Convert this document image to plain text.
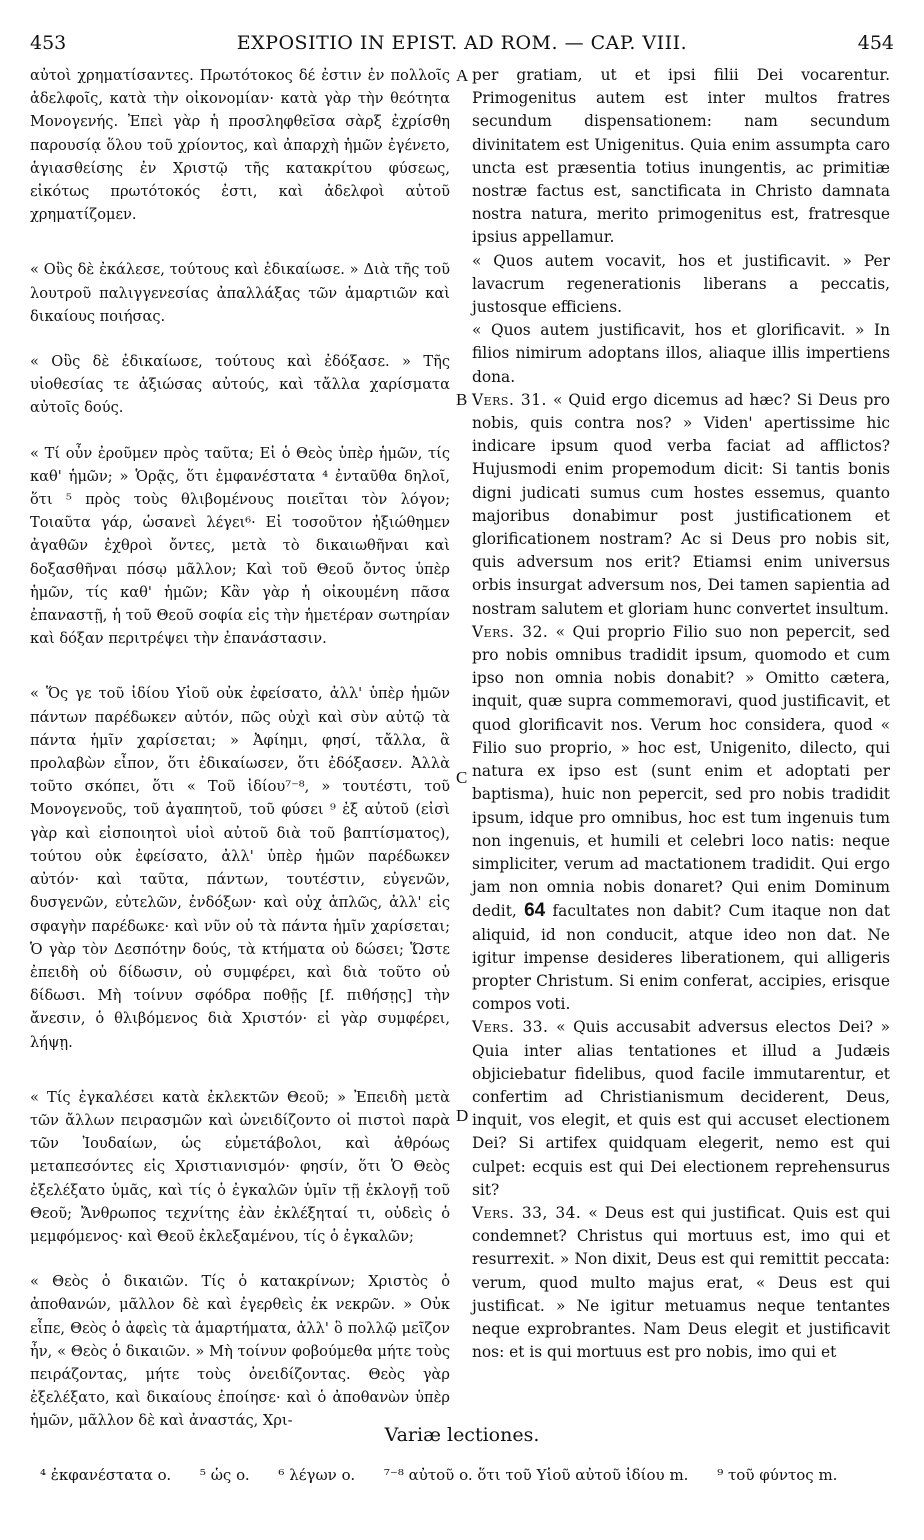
453	EXPOSITIO IN EPIST. AD ROM. — CAP. VIII.	454
A
B
C
D

αὐτοὶ χρηματίσαντες. Πρωτότοκος δέ ἐστιν ἐν πολλοῖς ἀδελφοῖς, κατὰ τὴν οἰκονομίαν· κατὰ γὰρ τὴν θεότητα Μονογενής. Ἐπεὶ γὰρ ἡ προσληφθεῖσα σὰρξ ἐχρίσθη παρουσίᾳ ὅλου τοῦ χρίοντος, καὶ ἀπαρχὴ ἡμῶν ἐγένετο, ἁγιασθείσης ἐν Χριστῷ τῆς κατακρίτου φύσεως, εἰκότως πρωτότοκός ἐστι, καὶ ἀδελφοὶ αὐτοῦ χρηματίζομεν.

« Οὓς δὲ ἐκάλεσε, τούτους καὶ ἐδικαίωσε. » Διὰ τῆς τοῦ λουτροῦ παλιγγενεσίας ἀπαλλάξας τῶν ἁμαρτιῶν καὶ δικαίους ποιήσας.

« Οὓς δὲ ἐδικαίωσε, τούτους καὶ ἐδόξασε. » Τῆς υἱοθεσίας τε ἀξιώσας αὐτούς, καὶ τἄλλα χαρίσματα αὐτοῖς δούς.

« Τί οὖν ἐροῦμεν πρὸς ταῦτα; Εἰ ὁ Θεὸς ὑπὲρ ἡμῶν, τίς καθ' ἡμῶν; » Ὁρᾷς, ὅτι ἐμφανέστατα ⁴ ἐνταῦθα δηλοῖ, ὅτι ⁵ πρὸς τοὺς θλιβομένους ποιεῖται τὸν λόγον; Τοιαῦτα γάρ, ὡσανεὶ λέγει⁶· Εἰ τοσοῦτον ἠξιώθημεν ἀγαθῶν ἐχθροὶ ὄντες, μετὰ τὸ δικαιωθῆναι καὶ δοξασθῆναι πόσῳ μᾶλλον; Καὶ τοῦ Θεοῦ ὄντος ὑπὲρ ἡμῶν, τίς καθ' ἡμῶν; Κἂν γὰρ ἡ οἰκουμένη πᾶσα ἐπαναστῇ, ἡ τοῦ Θεοῦ σοφία εἰς τὴν ἡμετέραν σωτηρίαν καὶ δόξαν περιτρέψει τὴν ἐπανάστασιν.

« Ὅς γε τοῦ ἰδίου Υἱοῦ οὐκ ἐφείσατο, ἀλλ' ὑπὲρ ἡμῶν πάντων παρέδωκεν αὐτόν, πῶς οὐχὶ καὶ σὺν αὐτῷ τὰ πάντα ἡμῖν χαρίσεται; » Ἀφίημι, φησί, τἄλλα, ἃ προλαβὼν εἶπον, ὅτι ἐδικαίωσεν, ὅτι ἐδόξασεν. Ἀλλὰ τοῦτο σκόπει, ὅτι « Τοῦ ἰδίου⁷⁻⁸, » τουτέστι, τοῦ Μονογενοῦς, τοῦ ἀγαπητοῦ, τοῦ φύσει ⁹ ἐξ αὐτοῦ (εἰσὶ γὰρ καὶ εἰσποιητοὶ υἱοὶ αὐτοῦ διὰ τοῦ βαπτίσματος), τούτου οὐκ ἐφείσατο, ἀλλ' ὑπὲρ ἡμῶν παρέδωκεν αὐτόν· καὶ ταῦτα, πάντων, τουτέστιν, εὐγενῶν, δυσγενῶν, εὐτελῶν, ἐνδόξων· καὶ οὐχ ἁπλῶς, ἀλλ' εἰς σφαγὴν παρέδωκε· καὶ νῦν οὐ τὰ πάντα ἡμῖν χαρίσεται; Ὁ γὰρ τὸν Δεσπότην δούς, τὰ κτήματα οὐ δώσει; Ὥστε ἐπειδὴ οὐ δίδωσιν, οὐ συμφέρει, καὶ διὰ τοῦτο οὐ δίδωσι. Μὴ τοίνυν σφόδρα ποθῇς [f. πιθήσῃς] τὴν ἄνεσιν, ὁ θλιβόμενος διὰ Χριστόν· εἰ γὰρ συμφέρει, λήψῃ.

« Τίς ἐγκαλέσει κατὰ ἐκλεκτῶν Θεοῦ; » Ἐπειδὴ μετὰ τῶν ἄλλων πειρασμῶν καὶ ὠνειδίζοντο οἱ πιστοὶ παρὰ τῶν Ἰουδαίων, ὡς εὐμετάβολοι, καὶ ἀθρόως μεταπεσόντες εἰς Χριστιανισμόν· φησίν, ὅτι Ὁ Θεὸς ἐξελέξατο ὑμᾶς, καὶ τίς ὁ ἐγκαλῶν ὑμῖν τῇ ἐκλογῇ τοῦ Θεοῦ; Ἄνθρωπος τεχνίτης ἐὰν ἐκλέξηταί τι, οὐδεὶς ὁ μεμφόμενος· καὶ Θεοῦ ἐκλεξαμένου, τίς ὁ ἐγκαλῶν;

« Θεὸς ὁ δικαιῶν. Τίς ὁ κατακρίνων; Χριστὸς ὁ ἀποθανών, μᾶλλον δὲ καὶ ἐγερθεὶς ἐκ νεκρῶν. » Οὐκ εἶπε, Θεὸς ὁ ἀφεὶς τὰ ἁμαρτήματα, ἀλλ' ὃ πολλῷ μεῖζον ἦν, « Θεὸς ὁ δικαιῶν. » Μὴ τοίνυν φοβούμεθα μήτε τοὺς πειράζοντας, μήτε τοὺς ὀνειδίζοντας. Θεὸς γὰρ ἐξελέξατο, καὶ δικαίους ἐποίησε· καὶ ὁ ἀποθανὼν ὑπὲρ ἡμῶν, μᾶλλον δὲ καὶ ἀναστάς, Χρι-

per gratiam, ut et ipsi filii Dei vocarentur. Primogenitus autem est inter multos fratres secundum dispensationem: nam secundum divinitatem est Unigenitus. Quia enim assumpta caro uncta est præsentia totius inungentis, ac primitiæ nostræ factus est, sanctificata in Christo damnata nostra natura, merito primogenitus est, fratresque ipsius appellamur.

« Quos autem vocavit, hos et justificavit. » Per lavacrum regenerationis liberans a peccatis, justosque efficiens.

« Quos autem justificavit, hos et glorificavit. » In filios nimirum adoptans illos, aliaque illis impertiens dona.

Vers. 31. « Quid ergo dicemus ad hæc? Si Deus pro nobis, quis contra nos? » Viden' apertissime hic indicare ipsum quod verba faciat ad afflictos? Hujusmodi enim propemodum dicit: Si tantis bonis digni judicati sumus cum hostes essemus, quanto majoribus donabimur post justificationem et glorificationem nostram? Ac si Deus pro nobis sit, quis adversum nos erit? Etiamsi enim universus orbis insurgat adversum nos, Dei tamen sapientia ad nostram salutem et gloriam hunc convertet insultum.

Vers. 32. « Qui proprio Filio suo non pepercit, sed pro nobis omnibus tradidit ipsum, quomodo et cum ipso non omnia nobis donabit? » Omitto cætera, inquit, quæ supra commemoravi, quod justificavit, et quod glorificavit nos. Verum hoc considera, quod « Filio suo proprio, » hoc est, Unigenito, dilecto, qui natura ex ipso est (sunt enim et adoptati per baptisma), huic non pepercit, sed pro nobis tradidit ipsum, idque pro omnibus, hoc est tum ingenuis tum non ingenuis, et humili et celebri loco natis: neque simpliciter, verum ad mactationem tradidit. Qui ergo jam non omnia nobis donaret? Qui enim Dominum dedit, 64 facultates non dabit? Cum itaque non dat aliquid, id non conducit, atque ideo non dat. Ne igitur impense desideres liberationem, qui alligeris propter Christum. Si enim conferat, accipies, erisque compos voti.

Vers. 33. « Quis accusabit adversus electos Dei? » Quia inter alias tentationes et illud a Judæis objiciebatur fidelibus, quod facile immutarentur, et confertim ad Christianismum deciderent, Deus, inquit, vos elegit, et quis est qui accuset electionem Dei? Si artifex quidquam elegerit, nemo est qui culpet: ecquis est qui Dei electionem reprehensurus sit?

Vers. 33, 34. « Deus est qui justificat. Quis est qui condemnet? Christus qui mortuus est, imo qui et resurrexit. » Non dixit, Deus est qui remittit peccata: verum, quod multo majus erat, « Deus est qui justificat. » Ne igitur metuamus neque tentantes neque exprobrantes. Nam Deus elegit et justificavit nos: et is qui mortuus est pro nobis, imo qui et

Variæ lectiones.
⁴ ἐκφανέστατα o. ⁵ ὡς o. ⁶ λέγων o. ⁷⁻⁸ αὐτοῦ o. ὅτι τοῦ Υἱοῦ αὐτοῦ ἰδίου m. ⁹ τοῦ φύντος m.
